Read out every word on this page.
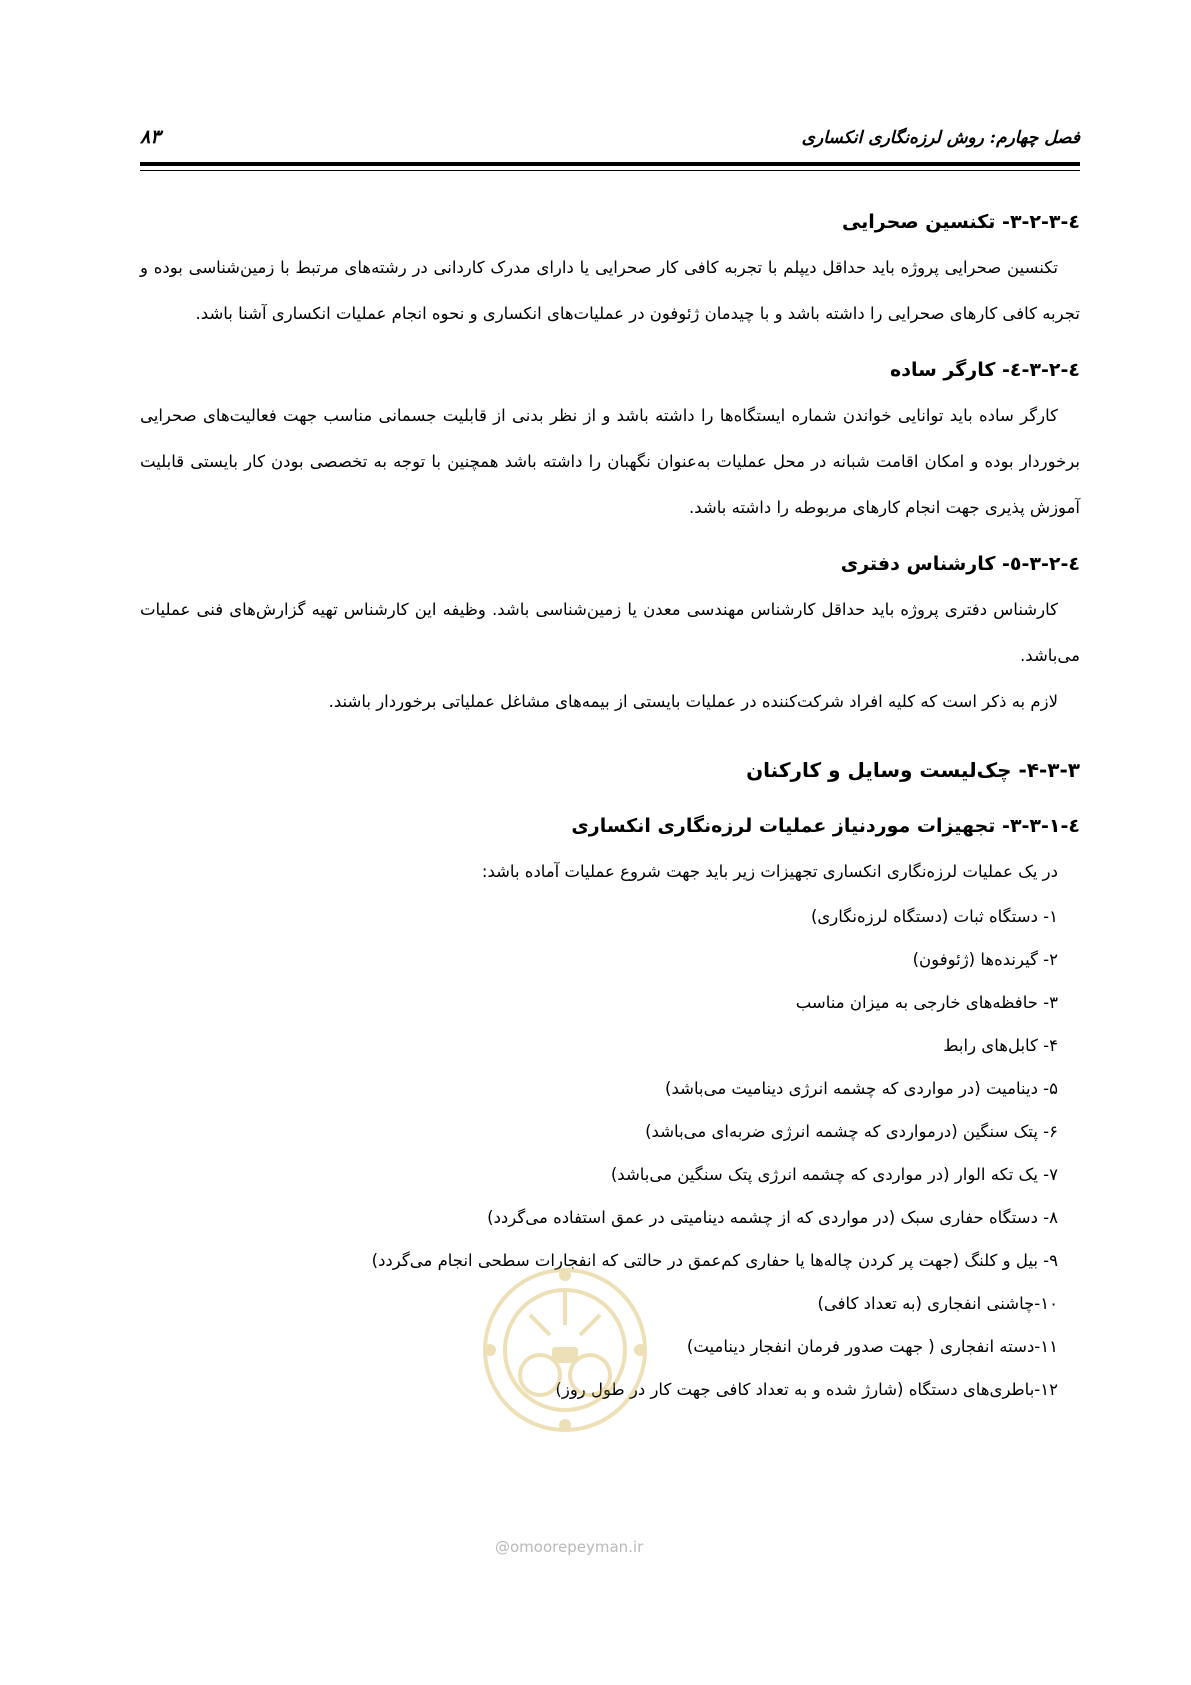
فصل چهارم: روش لرزه‌نگاری انکساری
۸۳
٤-۳-۲-۳- تکنسین صحرایی

تکنسین صحرایی پروژه باید حداقل دیپلم با تجربه کافی کار صحرایی یا دارای مدرک کاردانی در رشته‌های مرتبط با زمین‌شناسی بوده و تجربه کافی کارهای صحرایی را داشته باشد و با چیدمان ژئوفون در عملیات‌های انکساری و نحوه انجام عملیات انکساری آشنا باشد.

٤-۳-۲-٤- کارگر ساده

کارگر ساده باید توانایی خواندن شماره ایستگاه‌ها را داشته باشد و از نظر بدنی از قابلیت جسمانی مناسب جهت فعالیت‌های صحرایی برخوردار بوده و امکان اقامت شبانه در محل عملیات به‌عنوان نگهبان را داشته باشد همچنین با توجه به تخصصی بودن کار بایستی قابلیت آموزش پذیری جهت انجام کارهای مربوطه را داشته باشد.

٤-۳-۲-٥- کارشناس دفتری

کارشناس دفتری پروژه باید حداقل کارشناس مهندسی معدن یا زمین‌شناسی باشد. وظیفه این کارشناس تهیه گزارش‌های فنی عملیات می‌باشد.

لازم به ذکر است که کلیه افراد شرکت‌کننده در عملیات بایستی از بیمه‌های مشاغل عملیاتی برخوردار باشند.

۴-۳-۳- چک‌لیست وسایل و کارکنان
٤-۳-۳-۱- تجهیزات موردنیاز عملیات لرزه‌نگاری انکساری

در یک عملیات لرزه‌نگاری انکساری تجهیزات زیر باید جهت شروع عملیات آماده باشد:

۱- دستگاه ثبات (دستگاه لرزه‌نگاری)
۲- گیرنده‌ها (ژئوفون)
۳- حافظه‌های خارجی به میزان مناسب
۴- کابل‌های رابط
۵- دینامیت (در مواردی که چشمه انرژی دینامیت می‌باشد)
۶- پتک سنگین (درمواردی که چشمه انرژی ضربه‌ای می‌باشد)
۷- یک تکه الوار (در مواردی که چشمه انرژی پتک سنگین می‌باشد)
۸- دستگاه حفاری سبک (در مواردی که از چشمه دینامیتی در عمق استفاده می‌گردد)
۹- بیل و کلنگ (جهت پر کردن چاله‌ها یا حفاری کم‌عمق در حالتی که انفجارات سطحی انجام می‌گردد)
۱۰-چاشنی انفجاری (به تعداد کافی)
۱۱-دسته انفجاری ( جهت صدور فرمان انفجار دینامیت)
۱۲-باطری‌های دستگاه (شارژ شده و به تعداد کافی جهت کار در طول روز)
@omoorepeyman.ir
